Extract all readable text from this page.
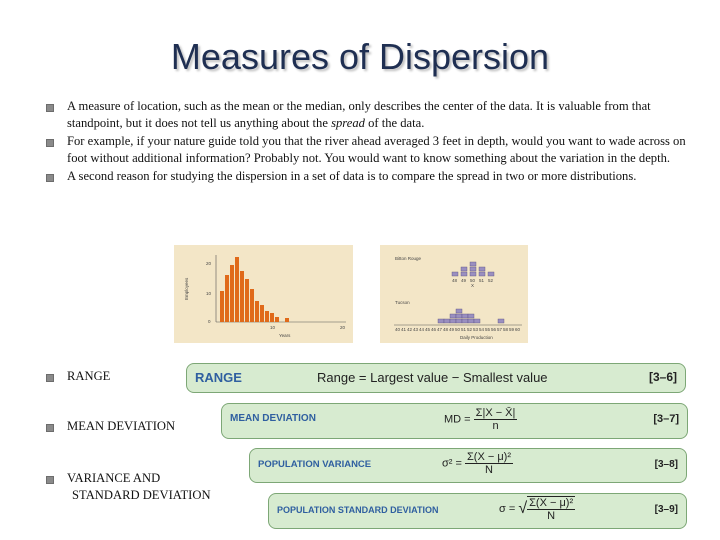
Measures of Dispersion
A measure of location, such as the mean or the median, only describes the center of the data. It is valuable from that standpoint, but it does not tell us anything about the spread of the data.
For example, if your nature guide told you that the river ahead averaged 3 feet in depth, would you want to wade across on foot without additional information? Probably not. You would want to know something about the variation in the depth.
A second reason for studying the dispersion in a set of data is to compare the spread in two or more distributions.
Employees
20
10
0
10	20
Years
Bitton Rouge
48 49 50 51 52
X
Tucson
40 41 42 43 44 45 46 47 48 49 50 51 52 53 54 55 56 57 58 59 60
Daily Production
RANGE
MEAN DEVIATION
VARIANCE AND
STANDARD DEVIATION
RANGE	Range = Largest value − Smallest value	[3–6]
MEAN DEVIATION	MD = $\frac{\Sigma|X - X̄|}{n}$	[3–7]
POPULATION VARIANCE	$\sigma^2 = \frac{\text{Σ(X − μ)²}}{N}$	[3–8]
POPULATION STANDARD DEVIATION	σ = √ $\frac{\text{Σ(X − μ)²}}{N}$	[3–9]
